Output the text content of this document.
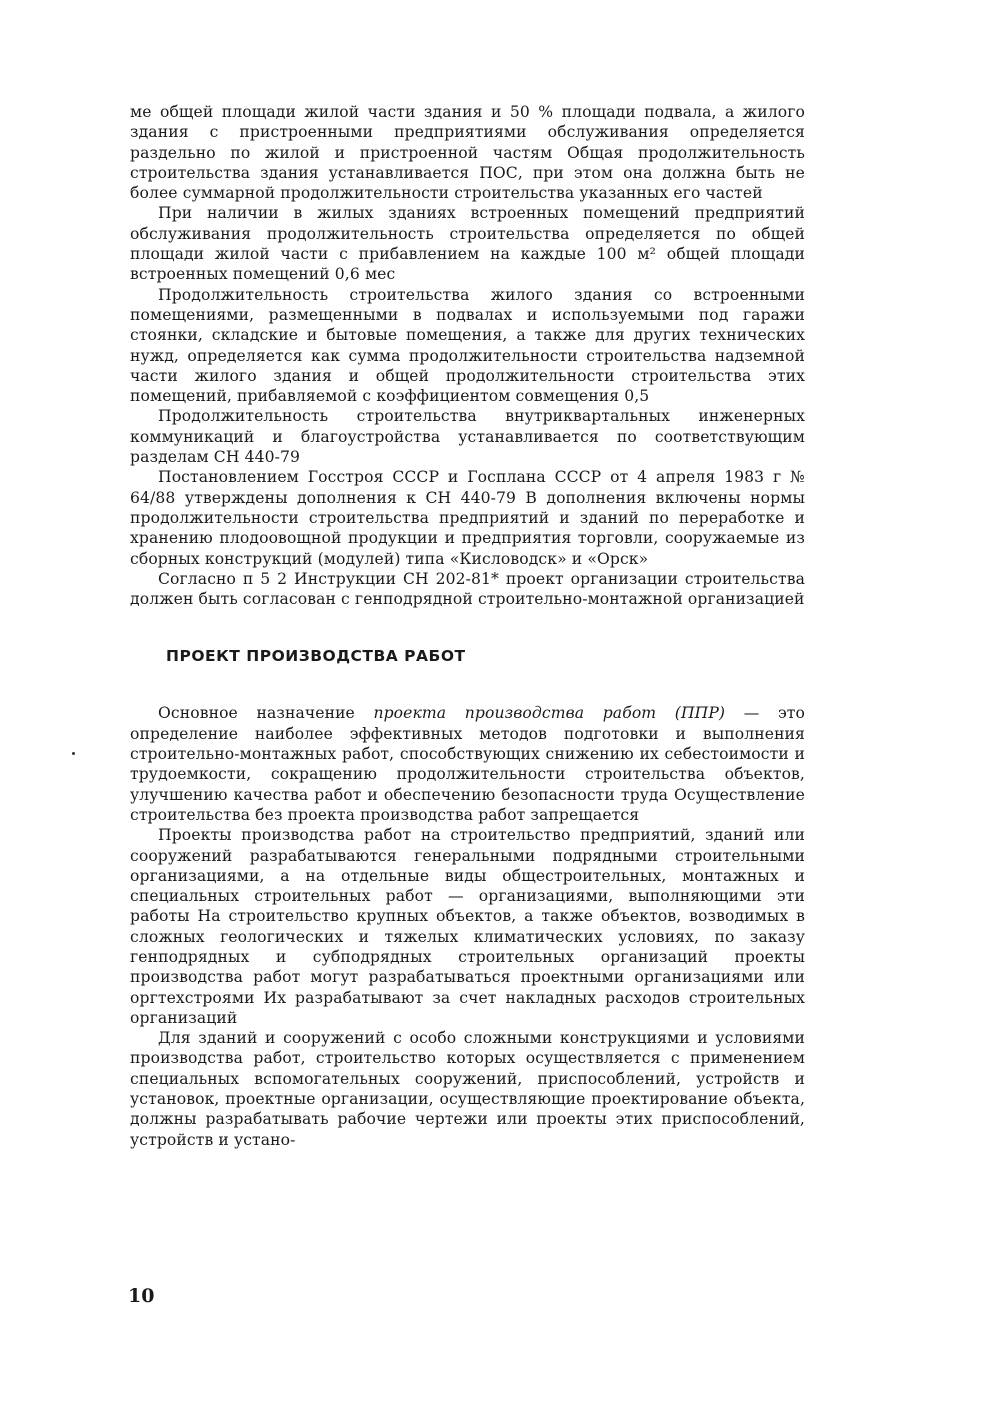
ме общей площади жилой части здания и 50 % площади подвала, а жилого здания с пристроенными предприятиями обслуживания определяется раздельно по жилой и пристроенной частям Общая продолжительность строительства здания устанавливается ПОС, при этом она должна быть не более суммарной продолжительности строительства указанных его частей

При наличии в жилых зданиях встроенных помещений предприятий обслуживания продолжительность строительства определяется по общей площади жилой части с прибавлением на каждые 100 м² общей площади встроенных помещений 0,6 мес

Продолжительность строительства жилого здания со встроенными помещениями, размещенными в подвалах и используемыми под гаражи стоянки, складские и бытовые помещения, а также для других технических нужд, определяется как сумма продолжительности строительства надземной части жилого здания и общей продолжительности строительства этих помещений, прибавляемой с коэффициентом совмещения 0,5

Продолжительность строительства внутриквартальных инженерных коммуникаций и благоустройства устанавливается по соответствующим разделам СН 440-79

Постановлением Госстроя СССР и Госплана СССР от 4 апреля 1983 г № 64/88 утверждены дополнения к СН 440-79 В дополнения включены нормы продолжительности строительства предприятий и зданий по переработке и хранению плодоовощной продукции и предприятия торговли, сооружаемые из сборных конструкций (модулей) типа «Кисловодск» и «Орск»

Согласно п 5 2 Инструкции СН 202-81* проект организации строительства должен быть согласован с генподрядной строительно-монтажной организацией

ПРОЕКТ ПРОИЗВОДСТВА РАБОТ

Основное назначение проекта производства работ (ППР) — это определение наиболее эффективных методов подготовки и выполнения строительно-монтажных работ, способствующих снижению их себестоимости и трудоемкости, сокращению продолжительности строительства объектов, улучшению качества работ и обеспечению безопасности труда Осуществление строительства без проекта производства работ запрещается

Проекты производства работ на строительство предприятий, зданий или сооружений разрабатываются генеральными подрядными строительными организациями, а на отдельные виды общестроительных, монтажных и специальных строительных работ — организациями, выполняющими эти работы На строительство крупных объектов, а также объектов, возводимых в сложных геологических и тяжелых климатических условиях, по заказу генподрядных и субподрядных строительных организаций проекты производства работ могут разрабатываться проектными организациями или оргтехстроями Их разрабатывают за счет накладных расходов строительных организаций

Для зданий и сооружений с особо сложными конструкциями и условиями производства работ, строительство которых осуществляется с применением специальных вспомогательных сооружений, приспособлений, устройств и установок, проектные организации, осуществляющие проектирование объекта, должны разрабатывать рабочие чертежи или проекты этих приспособлений, устройств и устано-

10
